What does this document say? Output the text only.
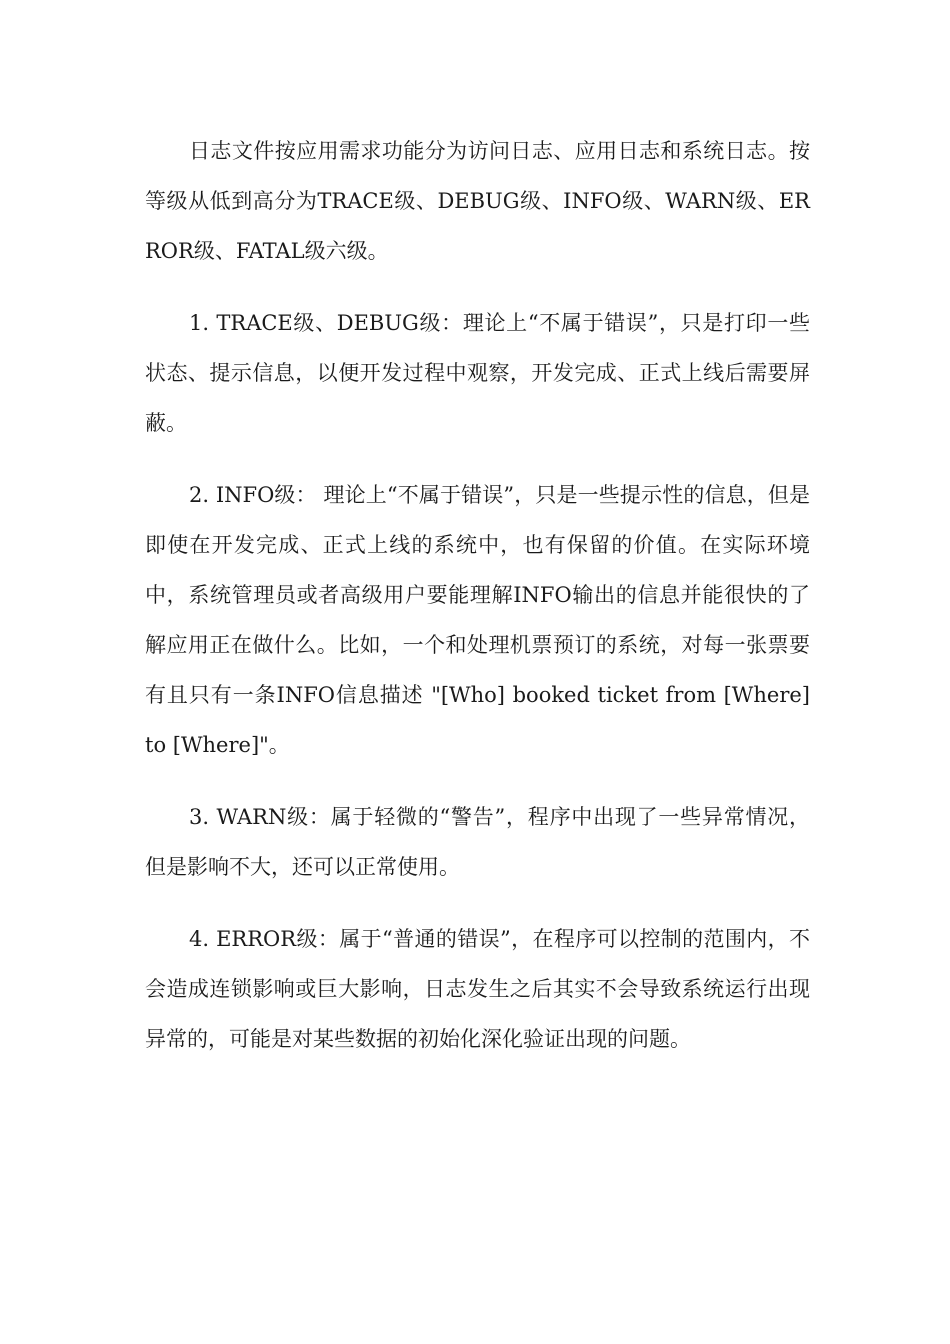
日志文件按应用需求功能分为访问日志、应用日志和系统日志。按等级从低到高分为TRACE级、DEBUG级、INFO级、WARN级、ERROR级、FATAL级六级。

1. TRACE级、DEBUG级：理论上“不属于错误”，只是打印一些状态、提示信息，以便开发过程中观察，开发完成、正式上线后需要屏蔽。

2. INFO级： 理论上“不属于错误”，只是一些提示性的信息，但是即使在开发完成、正式上线的系统中，也有保留的价值。在实际环境中，系统管理员或者高级用户要能理解INFO输出的信息并能很快的了解应用正在做什么。比如，一个和处理机票预订的系统，对每一张票要有且只有一条INFO信息描述 "[Who] booked ticket from [Where] to [Where]"。

3. WARN级：属于轻微的“警告”，程序中出现了一些异常情况，但是影响不大，还可以正常使用。

4. ERROR级：属于“普通的错误”，在程序可以控制的范围内，不会造成连锁影响或巨大影响，日志发生之后其实不会导致系统运行出现异常的，可能是对某些数据的初始化深化验证出现的问题。
